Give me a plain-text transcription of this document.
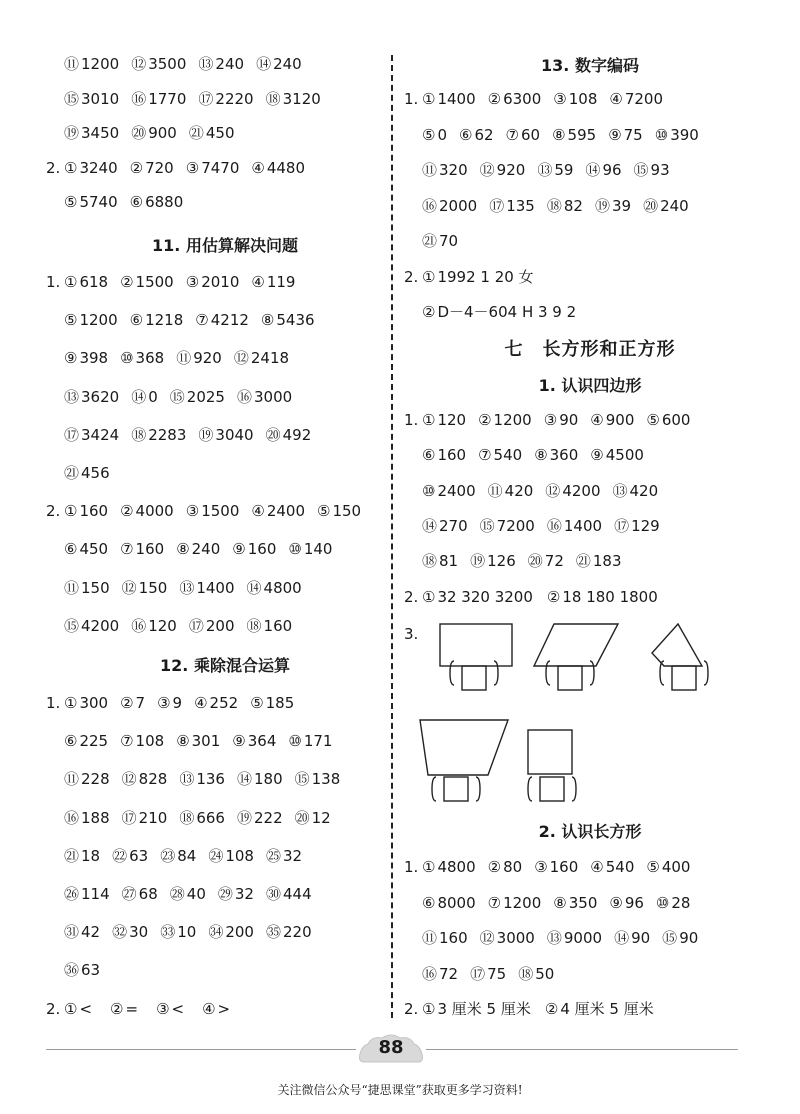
⑪ 1200 ⑫ 3500 ⑬ 240 ⑭ 240
⑮ 3010 ⑯ 1770 ⑰ 2220 ⑱ 3120
⑲ 3450 ⑳ 900 ㉑ 450
2. ① 3240 ② 720 ③ 7470 ④ 4480
⑤ 5740 ⑥ 6880
11. 用估算解决问题
1. ① 618 ② 1500 ③ 2010 ④ 119
⑤ 1200 ⑥ 1218 ⑦ 4212 ⑧ 5436
⑨ 398 ⑩ 368 ⑪ 920 ⑫ 2418
⑬ 3620 ⑭ 0 ⑮ 2025 ⑯ 3000
⑰ 3424 ⑱ 2283 ⑲ 3040 ⑳ 492
㉑ 456
2. ① 160 ② 4000 ③ 1500 ④ 2400 ⑤ 150
⑥ 450 ⑦ 160 ⑧ 240 ⑨ 160 ⑩ 140
⑪ 150 ⑫ 150 ⑬ 1400 ⑭ 4800
⑮ 4200 ⑯ 120 ⑰ 200 ⑱ 160
12. 乘除混合运算
1. ① 300 ② 7 ③ 9 ④ 252 ⑤ 185
⑥ 225 ⑦ 108 ⑧ 301 ⑨ 364 ⑩ 171
⑪ 228 ⑫ 828 ⑬ 136 ⑭ 180 ⑮ 138
⑯ 188 ⑰ 210 ⑱ 666 ⑲ 222 ⑳ 12
㉑ 18 ㉒ 63 ㉓ 84 ㉔ 108 ㉕ 32
㉖ 114 ㉗ 68 ㉘ 40 ㉙ 32 ㉚ 444
㉛ 42 ㉜ 30 ㉝ 10 ㉞ 200 ㉟ 220
㊱ 63
2. ① < ② = ③ < ④ >
13. 数字编码
1. ① 1400 ② 6300 ③ 108 ④ 7200
⑤ 0 ⑥ 62 ⑦ 60 ⑧ 595 ⑨ 75 ⑩ 390
⑪ 320 ⑫ 920 ⑬ 59 ⑭ 96 ⑮ 93
⑯ 2000 ⑰ 135 ⑱ 82 ⑲ 39 ⑳ 240
㉑ 70
2. ① 1992 1 20 女
② D－4－604 H 3 9 2
七　长方形和正方形
1. 认识四边形
1. ① 120 ② 1200 ③ 90 ④ 900 ⑤ 600
⑥ 160 ⑦ 540 ⑧ 360 ⑨ 4500
⑩ 2400 ⑪ 420 ⑫ 4200 ⑬ 420
⑭ 270 ⑮ 7200 ⑯ 1400 ⑰ 129
⑱ 81 ⑲ 126 ⑳ 72 ㉑ 183
2. ① 32 320 3200 ② 18 180 1800
3.
2. 认识长方形
1. ① 4800 ② 80 ③ 160 ④ 540 ⑤ 400
⑥ 8000 ⑦ 1200 ⑧ 350 ⑨ 96 ⑩ 28
⑪ 160 ⑫ 3000 ⑬ 9000 ⑭ 90 ⑮ 90
⑯ 72 ⑰ 75 ⑱ 50
2. ① 3 厘米 5 厘米 ② 4 厘米 5 厘米
88
关注微信公众号“捷思课堂”获取更多学习资料!
